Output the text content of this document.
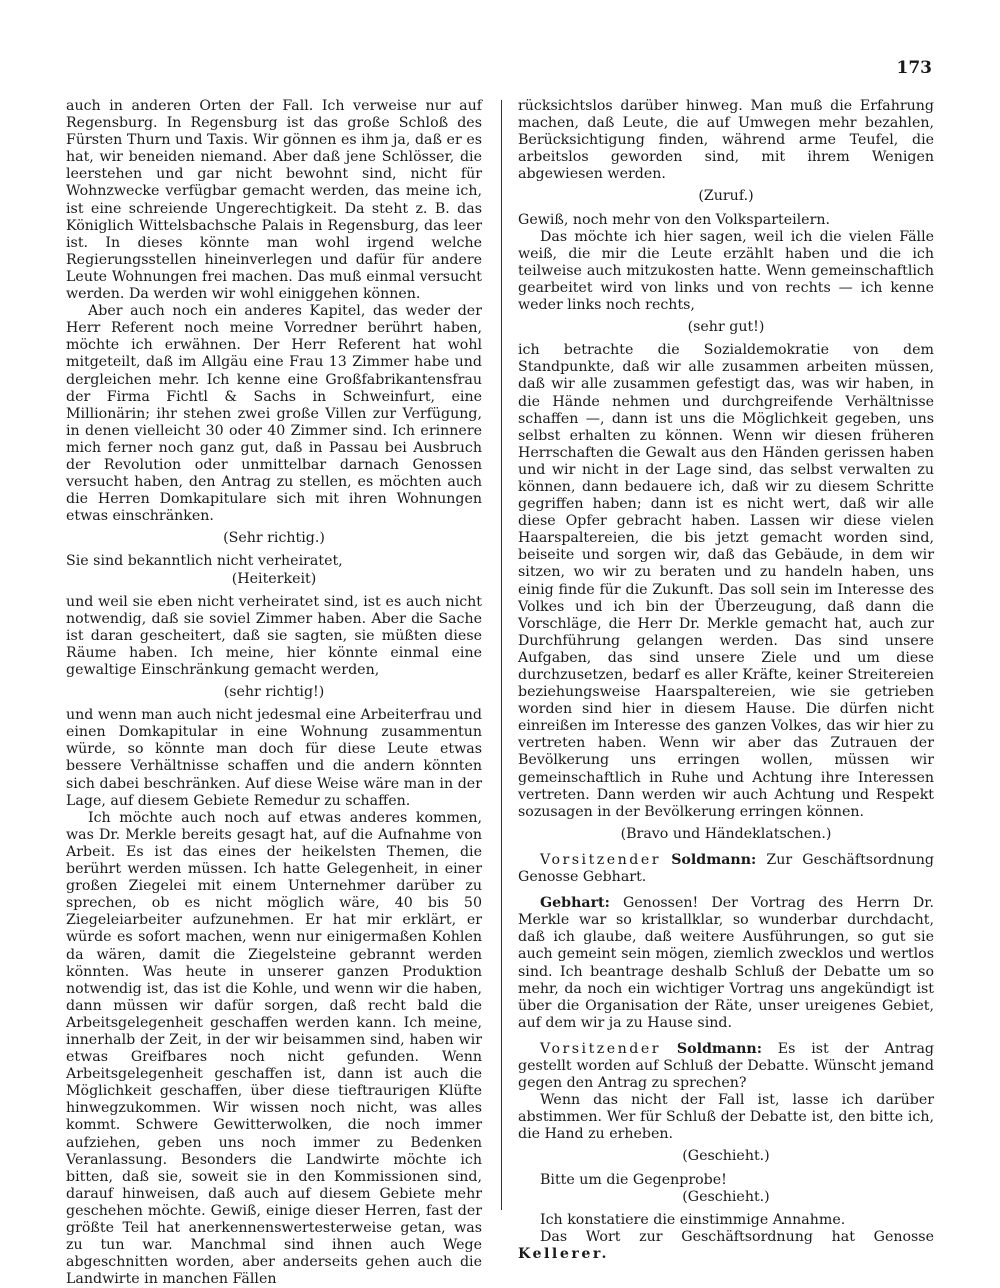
173

auch in anderen Orten der Fall. Ich verweise nur auf Regensburg. In Regensburg ist das große Schloß des Fürsten Thurn und Taxis. Wir gönnen es ihm ja, daß er es hat, wir beneiden niemand. Aber daß jene Schlösser, die leerstehen und gar nicht bewohnt sind, nicht für Wohnzwecke verfügbar gemacht werden, das meine ich, ist eine schreiende Ungerechtigkeit. Da steht z. B. das Königlich Wittelsbachsche Palais in Regensburg, das leer ist. In dieses könnte man wohl irgend welche Regierungsstellen hineinverlegen und dafür für andere Leute Wohnungen frei machen. Das muß einmal versucht werden. Da werden wir wohl einiggehen können.

Aber auch noch ein anderes Kapitel, das weder der Herr Referent noch meine Vorredner berührt haben, möchte ich erwähnen. Der Herr Referent hat wohl mitgeteilt, daß im Allgäu eine Frau 13 Zimmer habe und dergleichen mehr. Ich kenne eine Großfabrikantensfrau der Firma Fichtl & Sachs in Schweinfurt, eine Millionärin; ihr stehen zwei große Villen zur Verfügung, in denen vielleicht 30 oder 40 Zimmer sind. Ich erinnere mich ferner noch ganz gut, daß in Passau bei Ausbruch der Revolution oder unmittelbar darnach Genossen versucht haben, den Antrag zu stellen, es möchten auch die Herren Domkapitulare sich mit ihren Wohnungen etwas einschränken.

(Sehr richtig.)

Sie sind bekanntlich nicht verheiratet,

(Heiterkeit)

und weil sie eben nicht verheiratet sind, ist es auch nicht notwendig, daß sie soviel Zimmer haben. Aber die Sache ist daran gescheitert, daß sie sagten, sie müßten diese Räume haben. Ich meine, hier könnte einmal eine gewaltige Einschränkung gemacht werden,

(sehr richtig!)

und wenn man auch nicht jedesmal eine Arbeiterfrau und einen Domkapitular in eine Wohnung zusammentun würde, so könnte man doch für diese Leute etwas bessere Verhältnisse schaffen und die andern könnten sich dabei beschränken. Auf diese Weise wäre man in der Lage, auf diesem Gebiete Remedur zu schaffen.

Ich möchte auch noch auf etwas anderes kommen, was Dr. Merkle bereits gesagt hat, auf die Aufnahme von Arbeit. Es ist das eines der heikelsten Themen, die berührt werden müssen. Ich hatte Gelegenheit, in einer großen Ziegelei mit einem Unternehmer darüber zu sprechen, ob es nicht möglich wäre, 40 bis 50 Ziegeleiarbeiter aufzunehmen. Er hat mir erklärt, er würde es sofort machen, wenn nur einigermaßen Kohlen da wären, damit die Ziegelsteine gebrannt werden könnten. Was heute in unserer ganzen Produktion notwendig ist, das ist die Kohle, und wenn wir die haben, dann müssen wir dafür sorgen, daß recht bald die Arbeitsgelegenheit geschaffen werden kann. Ich meine, innerhalb der Zeit, in der wir beisammen sind, haben wir etwas Greifbares noch nicht gefunden. Wenn Arbeitsgelegenheit geschaffen ist, dann ist auch die Möglichkeit geschaffen, über diese tieftraurigen Klüfte hinwegzukommen. Wir wissen noch nicht, was alles kommt. Schwere Gewitterwolken, die noch immer aufziehen, geben uns noch immer zu Bedenken Veranlassung. Besonders die Landwirte möchte ich bitten, daß sie, soweit sie in den Kommissionen sind, darauf hinweisen, daß auch auf diesem Gebiete mehr geschehen möchte. Gewiß, einige dieser Herren, fast der größte Teil hat anerkennenswertesterweise getan, was zu tun war. Manchmal sind ihnen auch Wege abgeschnitten worden, aber anderseits gehen auch die Landwirte in manchen Fällen

rücksichtslos darüber hinweg. Man muß die Erfahrung machen, daß Leute, die auf Umwegen mehr bezahlen, Berücksichtigung finden, während arme Teufel, die arbeitslos geworden sind, mit ihrem Wenigen abgewiesen werden.

(Zuruf.)

Gewiß, noch mehr von den Volksparteilern.

Das möchte ich hier sagen, weil ich die vielen Fälle weiß, die mir die Leute erzählt haben und die ich teilweise auch mitzukosten hatte. Wenn gemeinschaftlich gearbeitet wird von links und von rechts — ich kenne weder links noch rechts,

(sehr gut!)

ich betrachte die Sozialdemokratie von dem Standpunkte, daß wir alle zusammen arbeiten müssen, daß wir alle zusammen gefestigt das, was wir haben, in die Hände nehmen und durchgreifende Verhältnisse schaffen —, dann ist uns die Möglichkeit gegeben, uns selbst erhalten zu können. Wenn wir diesen früheren Herrschaften die Gewalt aus den Händen gerissen haben und wir nicht in der Lage sind, das selbst verwalten zu können, dann bedauere ich, daß wir zu diesem Schritte gegriffen haben; dann ist es nicht wert, daß wir alle diese Opfer gebracht haben. Lassen wir diese vielen Haarspaltereien, die bis jetzt gemacht worden sind, beiseite und sorgen wir, daß das Gebäude, in dem wir sitzen, wo wir zu beraten und zu handeln haben, uns einig finde für die Zukunft. Das soll sein im Interesse des Volkes und ich bin der Überzeugung, daß dann die Vorschläge, die Herr Dr. Merkle gemacht hat, auch zur Durchführung gelangen werden. Das sind unsere Aufgaben, das sind unsere Ziele und um diese durchzusetzen, bedarf es aller Kräfte, keiner Streitereien beziehungsweise Haarspaltereien, wie sie getrieben worden sind hier in diesem Hause. Die dürfen nicht einreißen im Interesse des ganzen Volkes, das wir hier zu vertreten haben. Wenn wir aber das Zutrauen der Bevölkerung uns erringen wollen, müssen wir gemeinschaftlich in Ruhe und Achtung ihre Interessen vertreten. Dann werden wir auch Achtung und Respekt sozusagen in der Bevölkerung erringen können.

(Bravo und Händeklatschen.)

Vorsitzender Soldmann: Zur Geschäftsordnung Genosse Gebhart.

Gebhart: Genossen! Der Vortrag des Herrn Dr. Merkle war so kristallklar, so wunderbar durchdacht, daß ich glaube, daß weitere Ausführungen, so gut sie auch gemeint sein mögen, ziemlich zwecklos und wertlos sind. Ich beantrage deshalb Schluß der Debatte um so mehr, da noch ein wichtiger Vortrag uns angekündigt ist über die Organisation der Räte, unser ureigenes Gebiet, auf dem wir ja zu Hause sind.

Vorsitzender Soldmann: Es ist der Antrag gestellt worden auf Schluß der Debatte. Wünscht jemand gegen den Antrag zu sprechen?

Wenn das nicht der Fall ist, lasse ich darüber abstimmen. Wer für Schluß der Debatte ist, den bitte ich, die Hand zu erheben.

(Geschieht.)

Bitte um die Gegenprobe!

(Geschieht.)

Ich konstatiere die einstimmige Annahme.

Das Wort zur Geschäftsordnung hat Genosse Kellerer.
